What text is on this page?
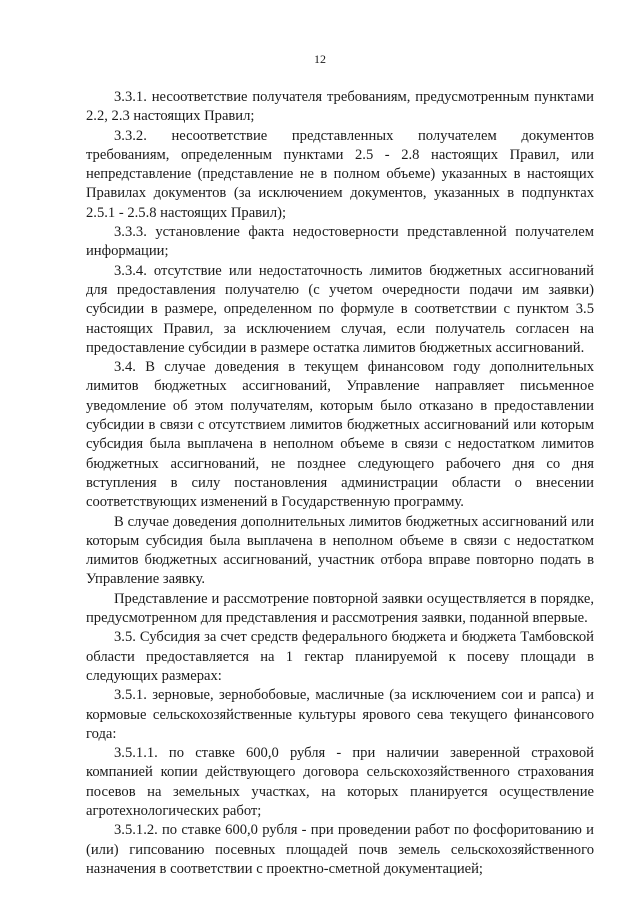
12

3.3.1. несоответствие получателя требованиям, предусмотренным пунктами 2.2, 2.3 настоящих Правил;

3.3.2. несоответствие представленных получателем документов требованиям, определенным пунктами 2.5 - 2.8 настоящих Правил, или непредставление (представление не в полном объеме) указанных в настоящих Правилах документов (за исключением документов, указанных в подпунктах 2.5.1 - 2.5.8 настоящих Правил);

3.3.3. установление факта недостоверности представленной получателем информации;

3.3.4. отсутствие или недостаточность лимитов бюджетных ассигнований для предоставления получателю (с учетом очередности подачи им заявки) субсидии в размере, определенном по формуле в соответствии с пунктом 3.5 настоящих Правил, за исключением случая, если получатель согласен на предоставление субсидии в размере остатка лимитов бюджетных ассигнований.

3.4. В случае доведения в текущем финансовом году дополнительных лимитов бюджетных ассигнований, Управление направляет письменное уведомление об этом получателям, которым было отказано в предоставлении субсидии в связи с отсутствием лимитов бюджетных ассигнований или которым субсидия была выплачена в неполном объеме в связи с недостатком лимитов бюджетных ассигнований, не позднее следующего рабочего дня со дня вступления в силу постановления администрации области о внесении соответствующих изменений в Государственную программу.

В случае доведения дополнительных лимитов бюджетных ассигнований или которым субсидия была выплачена в неполном объеме в связи с недостатком лимитов бюджетных ассигнований, участник отбора вправе повторно подать в Управление заявку.

Представление и рассмотрение повторной заявки осуществляется в порядке, предусмотренном для представления и рассмотрения заявки, поданной впервые.

3.5. Субсидия за счет средств федерального бюджета и бюджета Тамбовской области предоставляется на 1 гектар планируемой к посеву площади в следующих размерах:

3.5.1. зерновые, зернобобовые, масличные (за исключением сои и рапса) и кормовые сельскохозяйственные культуры ярового сева текущего финансового года:

3.5.1.1. по ставке 600,0 рубля - при наличии заверенной страховой компанией копии действующего договора сельскохозяйственного страхования посевов на земельных участках, на которых планируется осуществление агротехнологических работ;

3.5.1.2. по ставке 600,0 рубля - при проведении работ по фосфоритованию и (или) гипсованию посевных площадей почв земель сельскохозяйственного назначения в соответствии с проектно-сметной документацией;
